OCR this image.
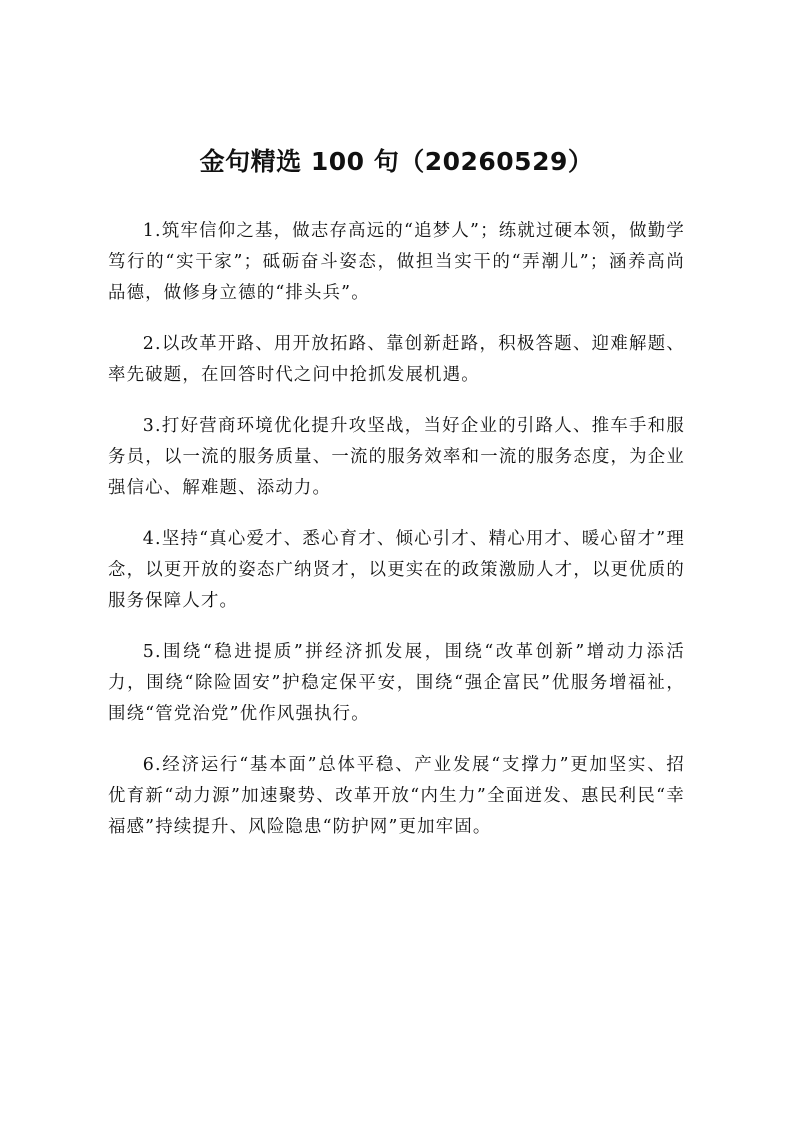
金句精选 100 句（20260529）

1.筑牢信仰之基，做志存高远的“追梦人”；练就过硬本领，做勤学笃行的“实干家”；砥砺奋斗姿态，做担当实干的“弄潮儿”；涵养高尚品德，做修身立德的“排头兵”。

2.以改革开路、用开放拓路、靠创新赶路，积极答题、迎难解题、率先破题，在回答时代之问中抢抓发展机遇。

3.打好营商环境优化提升攻坚战，当好企业的引路人、推车手和服务员，以一流的服务质量、一流的服务效率和一流的服务态度，为企业强信心、解难题、添动力。

4.坚持“真心爱才、悉心育才、倾心引才、精心用才、暖心留才”理念，以更开放的姿态广纳贤才，以更实在的政策激励人才，以更优质的服务保障人才。

5.围绕“稳进提质”拼经济抓发展，围绕“改革创新”增动力添活力，围绕“除险固安”护稳定保平安，围绕“强企富民”优服务增福祉，围绕“管党治党”优作风强执行。

6.经济运行“基本面”总体平稳、产业发展“支撑力”更加坚实、招优育新“动力源”加速聚势、改革开放“内生力”全面迸发、惠民利民“幸福感”持续提升、风险隐患“防护网”更加牢固。
